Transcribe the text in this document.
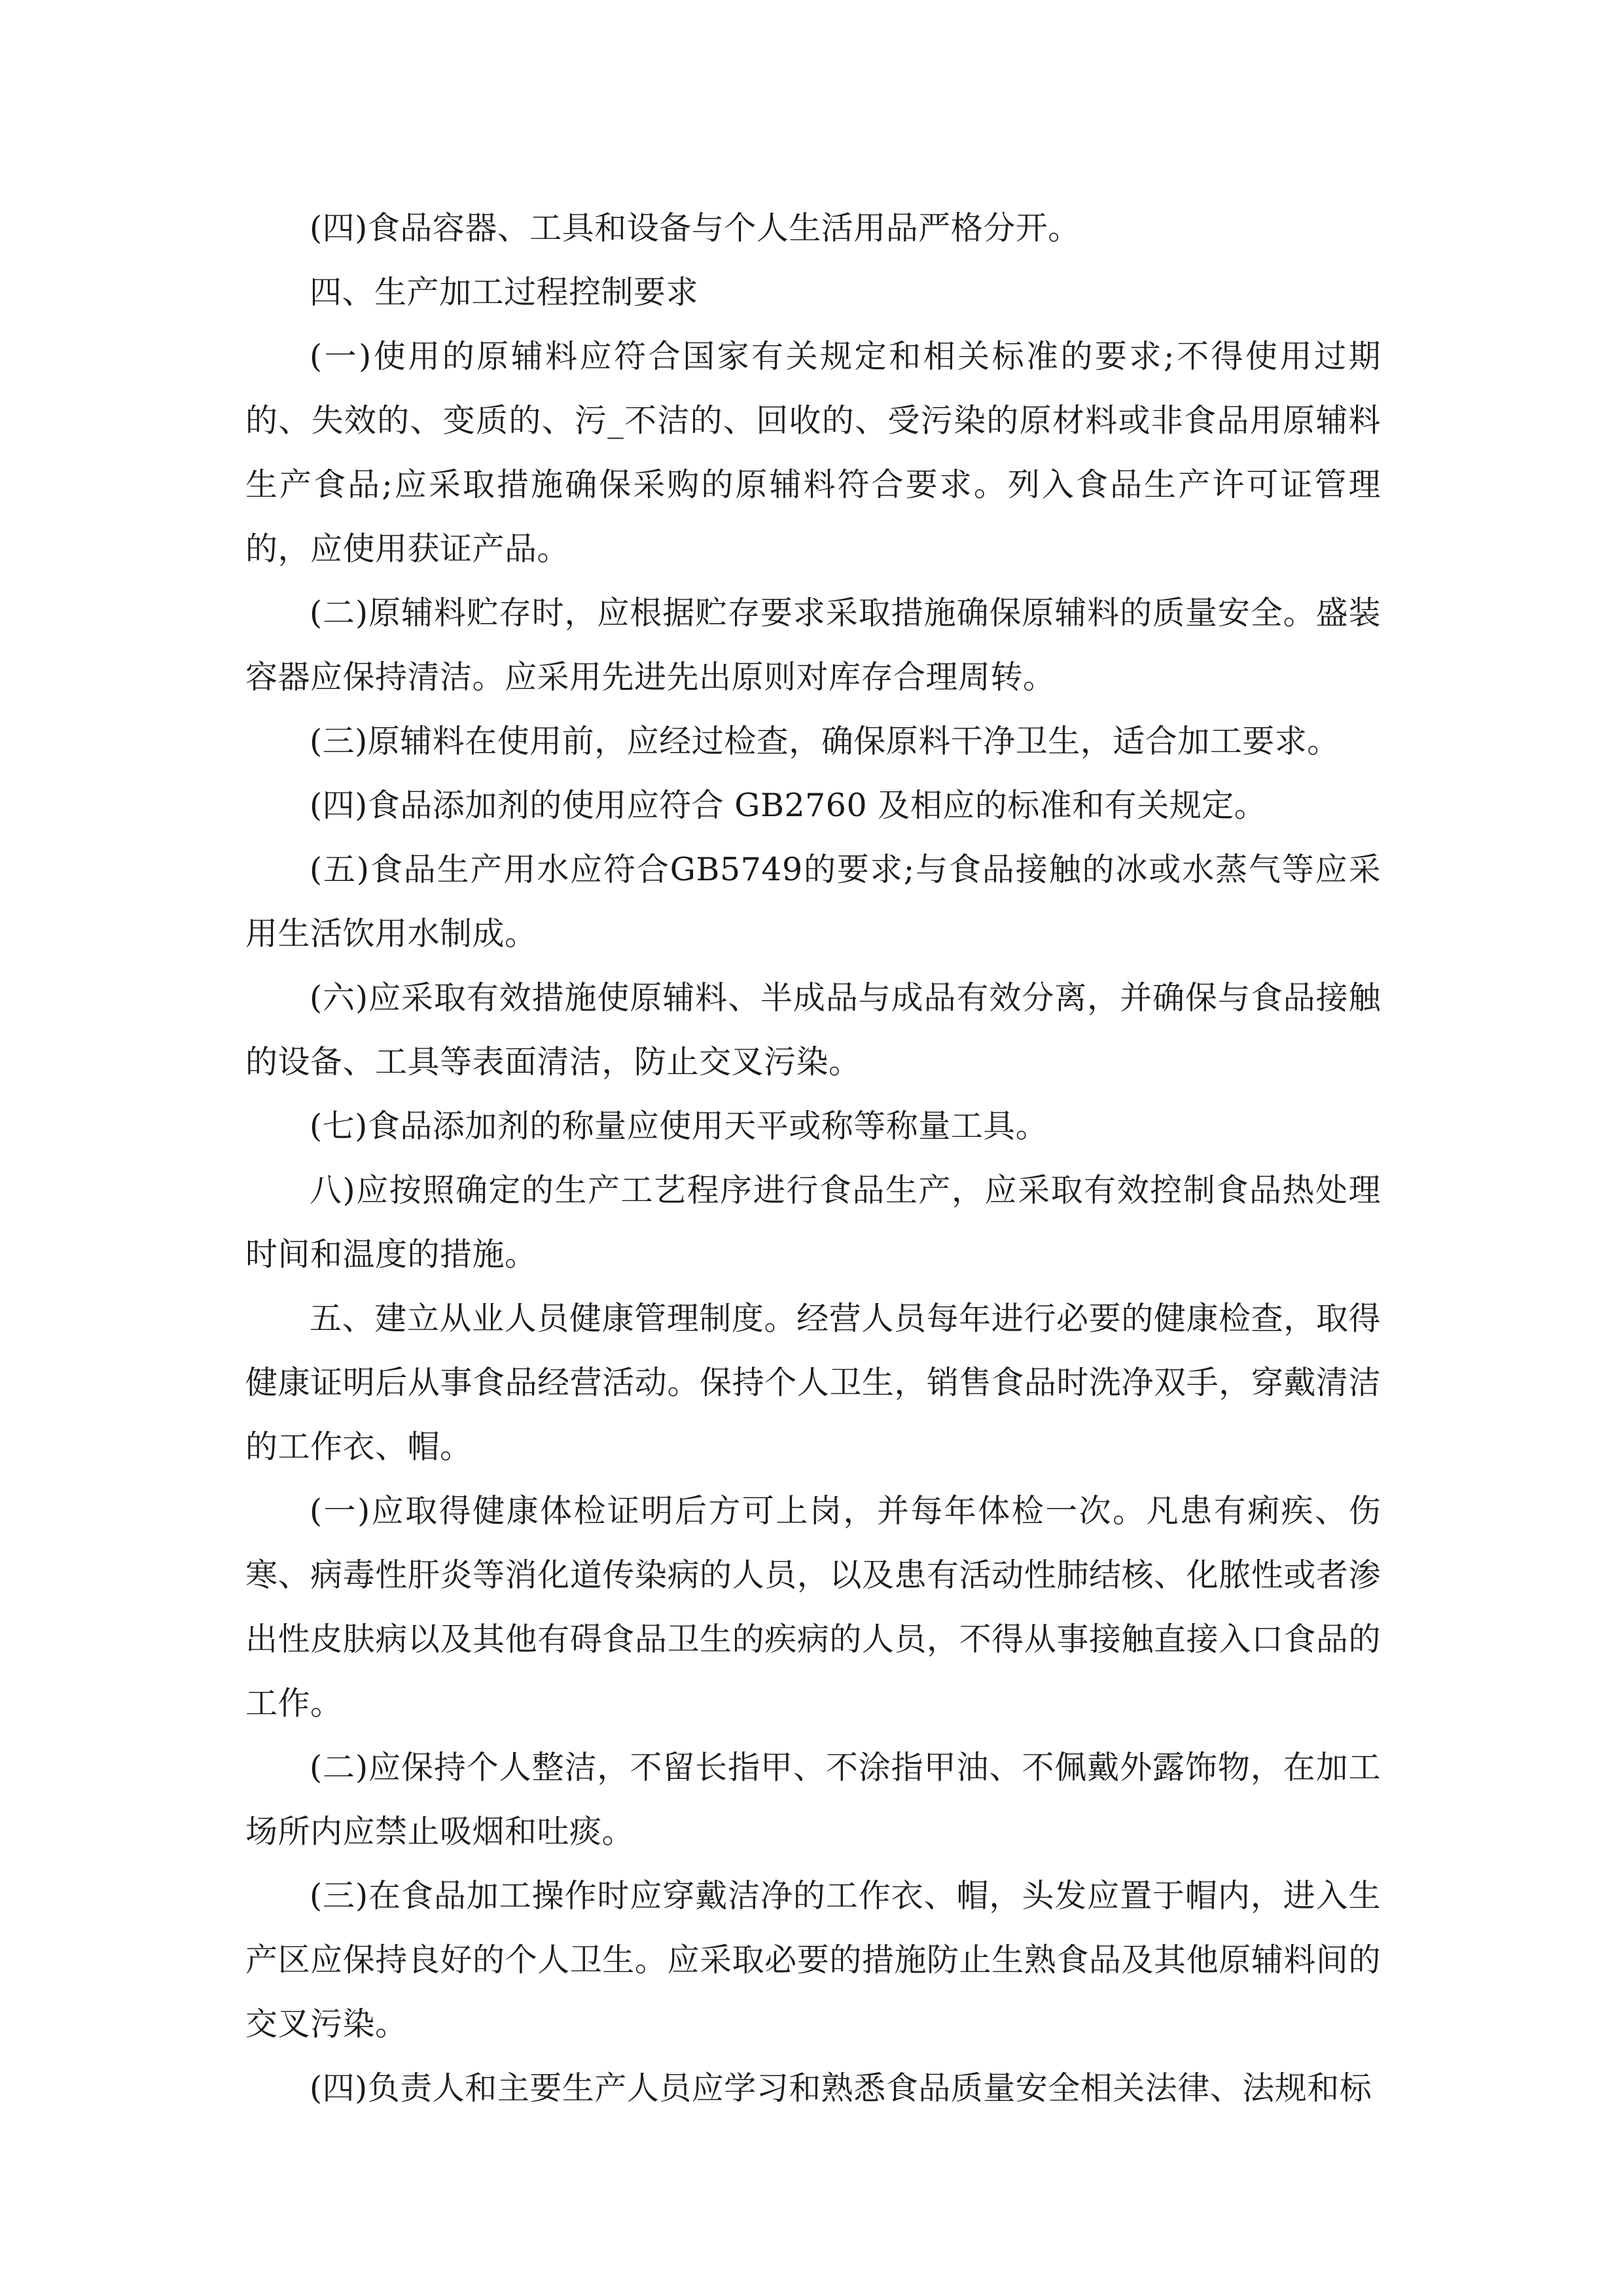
(四)食品容器、工具和设备与个人生活用品严格分开。

四、生产加工过程控制要求

(一)使用的原辅料应符合国家有关规定和相关标准的要求;不得使用过期的、失效的、变质的、污_不洁的、回收的、受污染的原材料或非食品用原辅料生产食品;应采取措施确保采购的原辅料符合要求。列入食品生产许可证管理的，应使用获证产品。

(二)原辅料贮存时，应根据贮存要求采取措施确保原辅料的质量安全。盛装容器应保持清洁。应采用先进先出原则对库存合理周转。

(三)原辅料在使用前，应经过检查，确保原料干净卫生，适合加工要求。

(四)食品添加剂的使用应符合 GB2760 及相应的标准和有关规定。

(五)食品生产用水应符合GB5749的要求;与食品接触的冰或水蒸气等应采用生活饮用水制成。

(六)应采取有效措施使原辅料、半成品与成品有效分离，并确保与食品接触的设备、工具等表面清洁，防止交叉污染。

(七)食品添加剂的称量应使用天平或称等称量工具。

八)应按照确定的生产工艺程序进行食品生产，应采取有效控制食品热处理时间和温度的措施。

五、建立从业人员健康管理制度。经营人员每年进行必要的健康检查，取得健康证明后从事食品经营活动。保持个人卫生，销售食品时洗净双手，穿戴清洁的工作衣、帽。

(一)应取得健康体检证明后方可上岗，并每年体检一次。凡患有痢疾、伤寒、病毒性肝炎等消化道传染病的人员，以及患有活动性肺结核、化脓性或者渗出性皮肤病以及其他有碍食品卫生的疾病的人员，不得从事接触直接入口食品的工作。

(二)应保持个人整洁，不留长指甲、不涂指甲油、不佩戴外露饰物，在加工场所内应禁止吸烟和吐痰。

(三)在食品加工操作时应穿戴洁净的工作衣、帽，头发应置于帽内，进入生产区应保持良好的个人卫生。应采取必要的措施防止生熟食品及其他原辅料间的交叉污染。

(四)负责人和主要生产人员应学习和熟悉食品质量安全相关法律、法规和标
